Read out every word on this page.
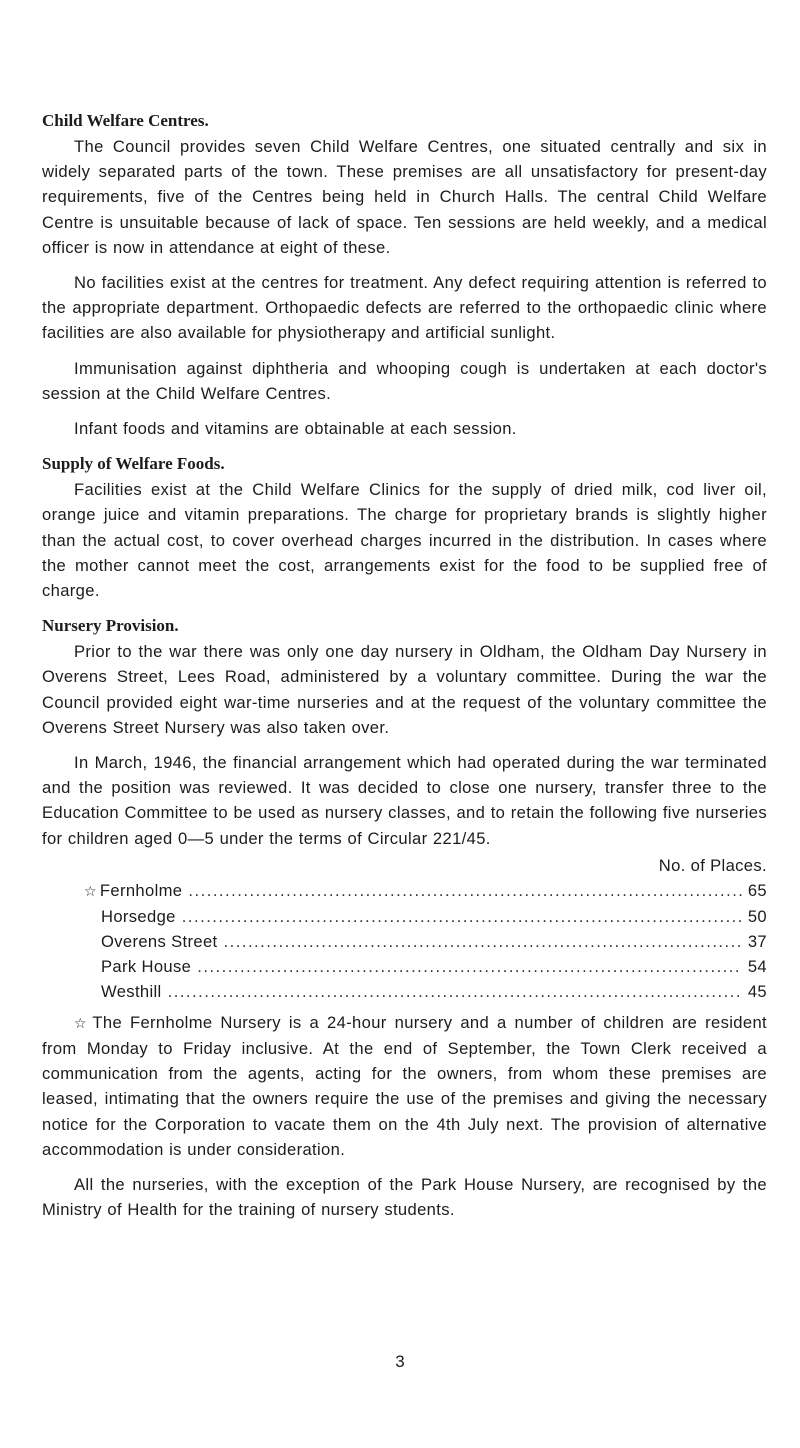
Child Welfare Centres.

The Council provides seven Child Welfare Centres, one situated centrally and six in widely separated parts of the town. These premises are all unsatisfactory for present-day requirements, five of the Centres being held in Church Halls. The central Child Welfare Centre is unsuitable because of lack of space. Ten sessions are held weekly, and a medical officer is now in attendance at eight of these.

No facilities exist at the centres for treatment. Any defect requiring attention is referred to the appropriate department. Orthopaedic defects are referred to the orthopaedic clinic where facilities are also available for physiotherapy and artificial sunlight.

Immunisation against diphtheria and whooping cough is undertaken at each doctor's session at the Child Welfare Centres.

Infant foods and vitamins are obtainable at each session.

Supply of Welfare Foods.

Facilities exist at the Child Welfare Clinics for the supply of dried milk, cod liver oil, orange juice and vitamin preparations. The charge for proprietary brands is slightly higher than the actual cost, to cover overhead charges incurred in the distribution. In cases where the mother cannot meet the cost, arrangements exist for the food to be supplied free of charge.

Nursery Provision.

Prior to the war there was only one day nursery in Oldham, the Oldham Day Nursery in Overens Street, Lees Road, administered by a voluntary committee. During the war the Council provided eight war-time nurseries and at the request of the voluntary committee the Overens Street Nursery was also taken over.

In March, 1946, the financial arrangement which had operated during the war terminated and the position was reviewed. It was decided to close one nursery, transfer three to the Education Committee to be used as nursery classes, and to retain the following five nurseries for children aged 0—5 under the terms of Circular 221/45.

No. of Places.
☆ Fernholme .....	65
Horsedge .....	50
Overens Street .....	37
Park House .....	54
Westhill .....	45

☆ The Fernholme Nursery is a 24-hour nursery and a number of children are resident from Monday to Friday inclusive. At the end of September, the Town Clerk received a communication from the agents, acting for the owners, from whom these premises are leased, intimating that the owners require the use of the premises and giving the necessary notice for the Corporation to vacate them on the 4th July next. The provision of alternative accommodation is under consideration.

All the nurseries, with the exception of the Park House Nursery, are recognised by the Ministry of Health for the training of nursery students.

3
